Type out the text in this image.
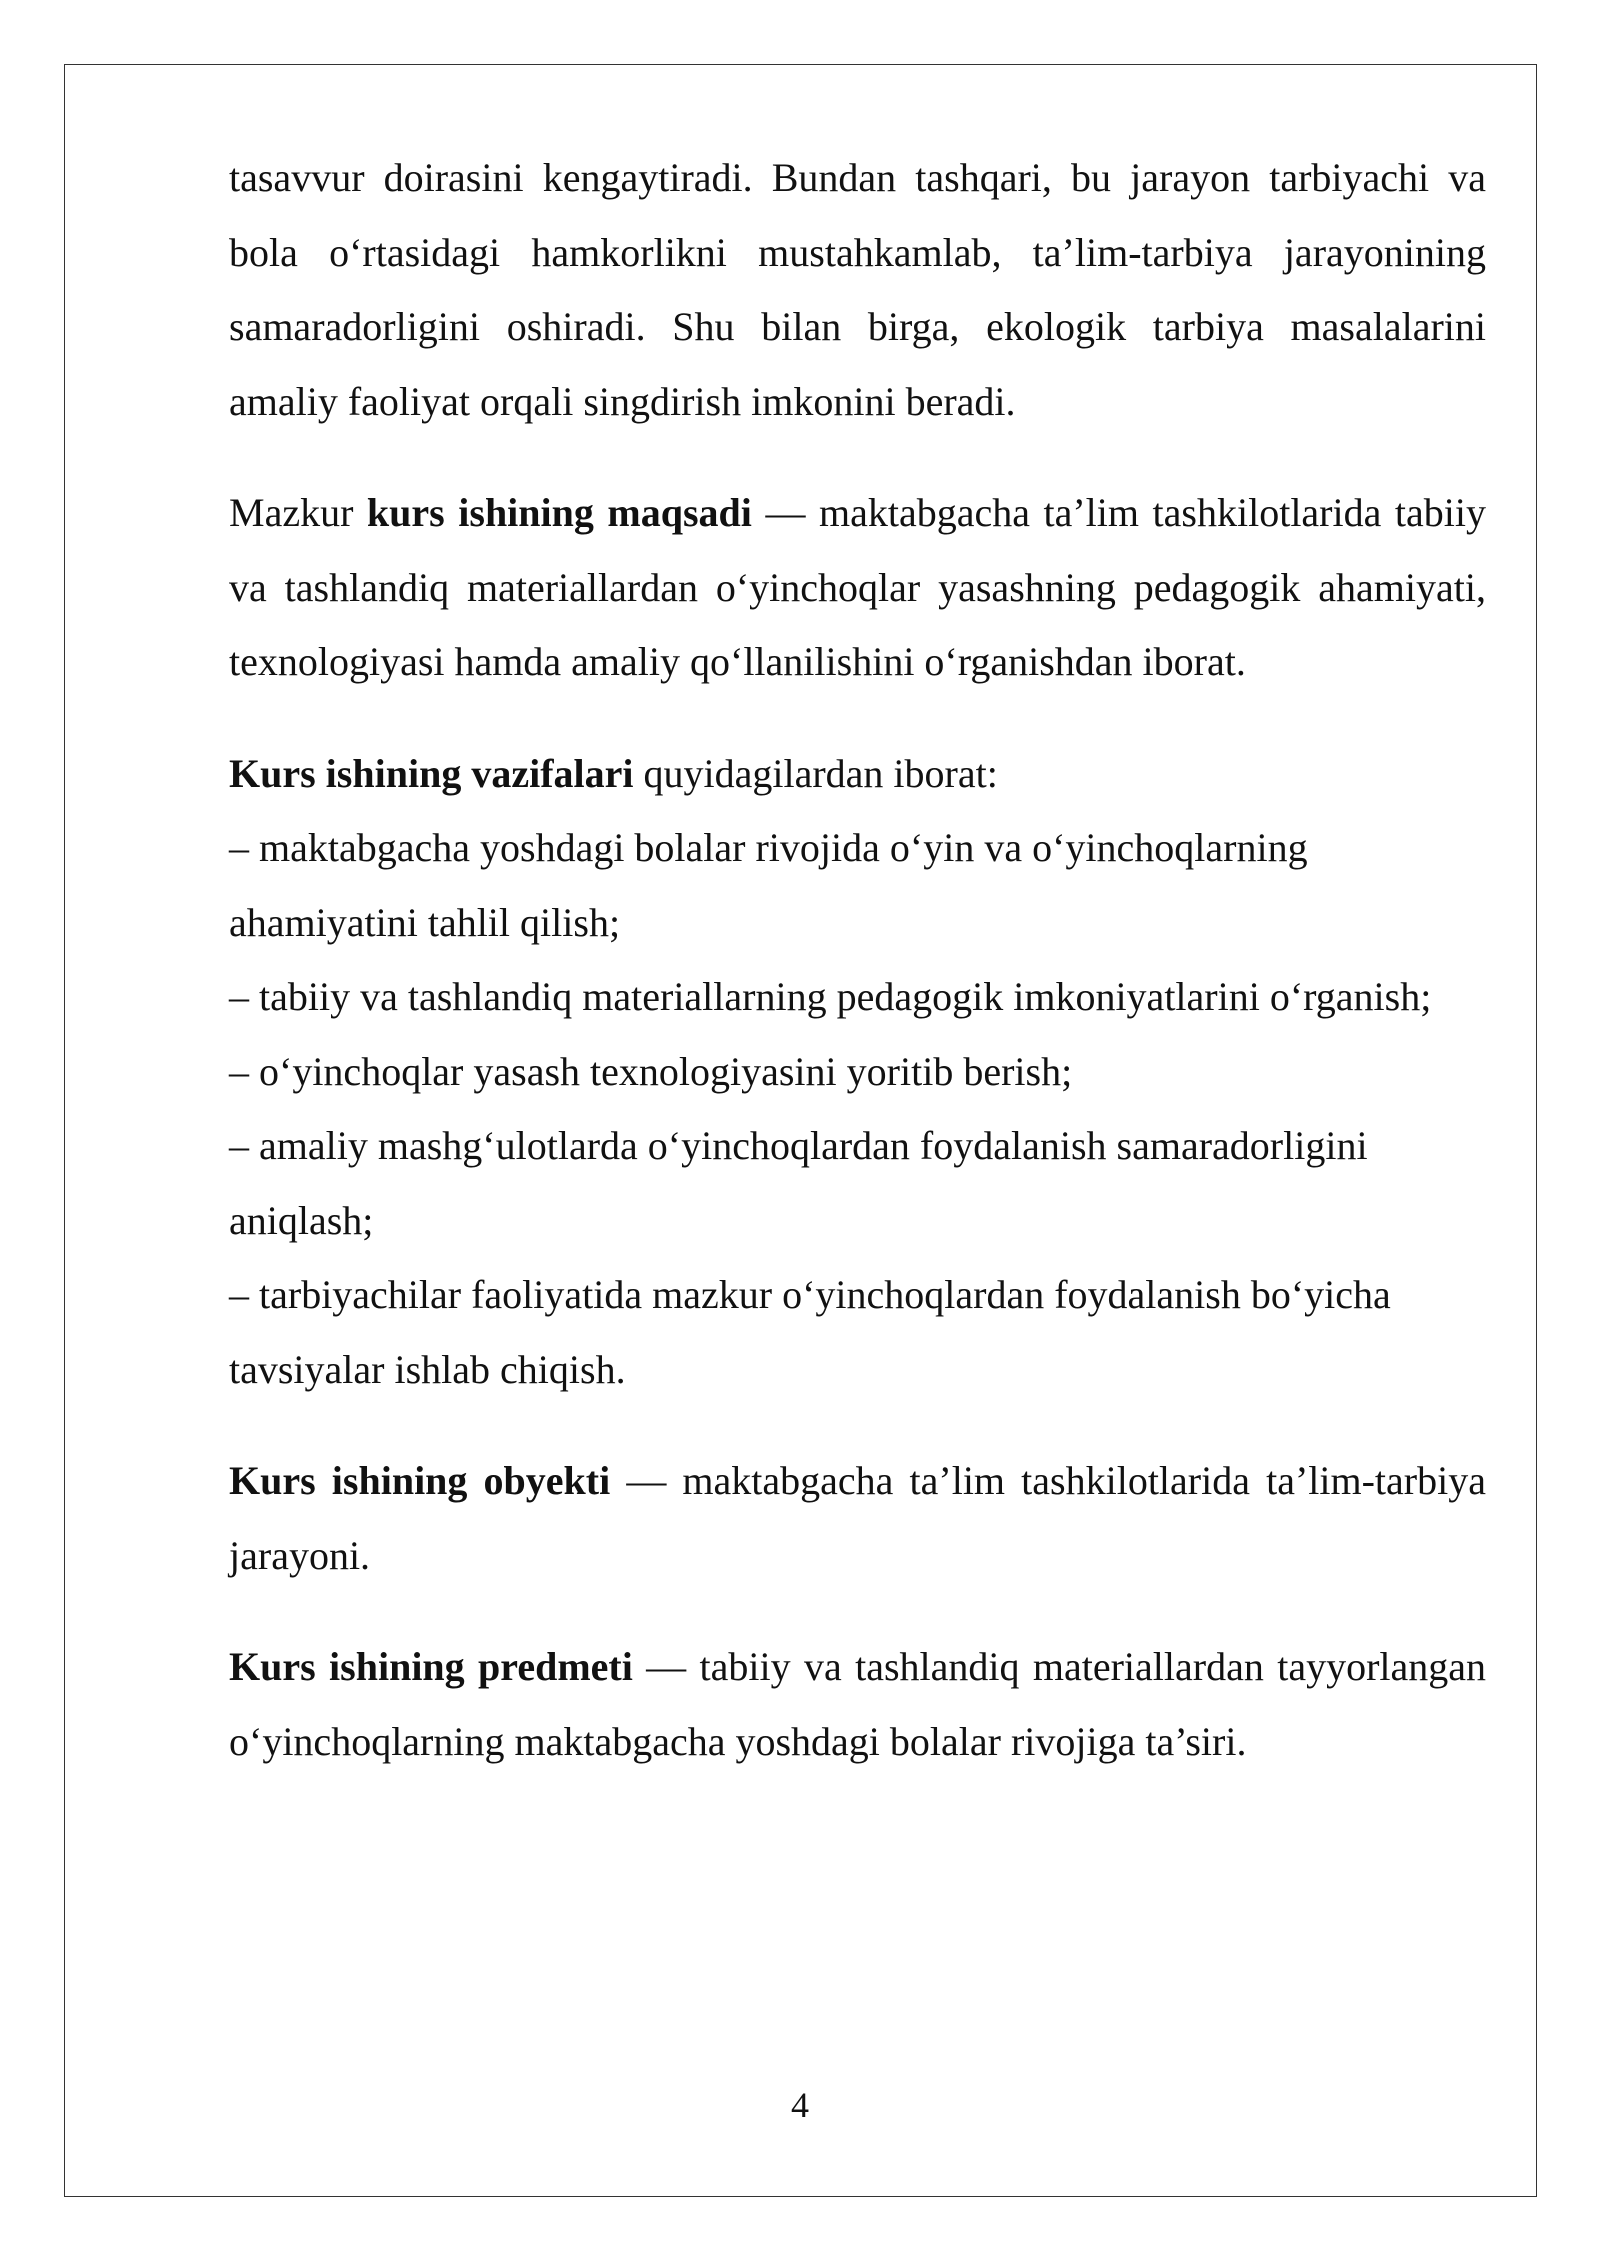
tasavvur doirasini kengaytiradi. Bundan tashqari, bu jarayon tarbiyachi va bola o‘rtasidagi hamkorlikni mustahkamlab, ta’lim-tarbiya jarayonining samaradorligini oshiradi. Shu bilan birga, ekologik tarbiya masalalarini amaliy faoliyat orqali singdirish imkonini beradi.

Mazkur kurs ishining maqsadi — maktabgacha ta’lim tashkilotlarida tabiiy va tashlandiq materiallardan o‘yinchoqlar yasashning pedagogik ahamiyati, texnologiyasi hamda amaliy qo‘llanilishini o‘rganishdan iborat.

Kurs ishining vazifalari quyidagilardan iborat:
– maktabgacha yoshdagi bolalar rivojida o‘yin va o‘yinchoqlarning ahamiyatini tahlil qilish;
– tabiiy va tashlandiq materiallarning pedagogik imkoniyatlarini o‘rganish;
– o‘yinchoqlar yasash texnologiyasini yoritib berish;
– amaliy mashg‘ulotlarda o‘yinchoqlardan foydalanish samaradorligini aniqlash;
– tarbiyachilar faoliyatida mazkur o‘yinchoqlardan foydalanish bo‘yicha tavsiyalar ishlab chiqish.

Kurs ishining obyekti — maktabgacha ta’lim tashkilotlarida ta’lim-tarbiya jarayoni.

Kurs ishining predmeti — tabiiy va tashlandiq materiallardan tayyorlangan o‘yinchoqlarning maktabgacha yoshdagi bolalar rivojiga ta’siri.

4
